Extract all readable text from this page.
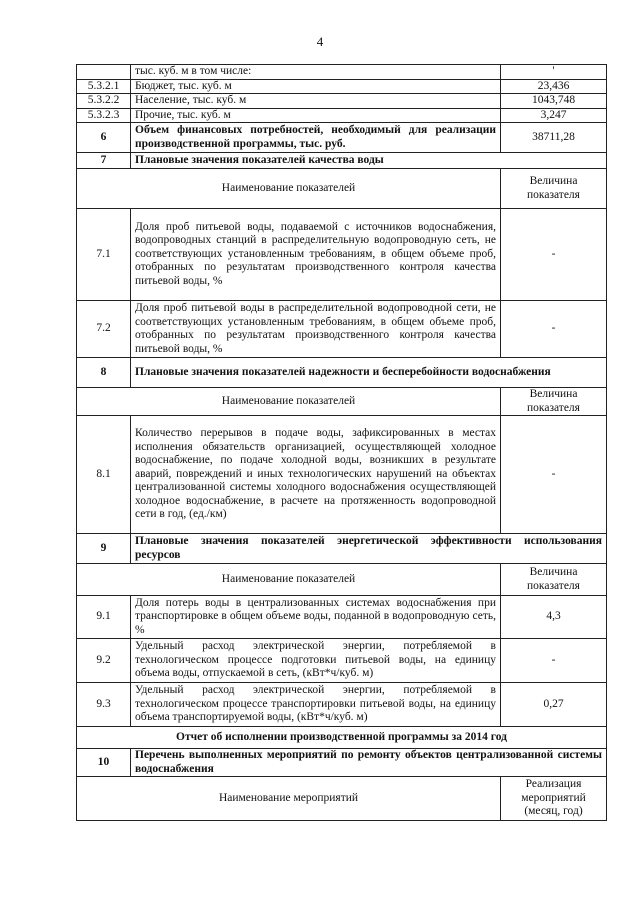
4
	тыс. куб. м в том числе:	'
5.3.2.1	Бюджет, тыс. куб. м	23,436
5.3.2.2	Население, тыс. куб. м	1043,748
5.3.2.3	Прочие, тыс. куб. м	3,247
6	Объем финансовых потребностей, необходимый для реализации производственной программы, тыс. руб.	38711,28
7	Плановые значения показателей качества воды	
Наименование показателей		Величина показателя
7.1	Доля проб питьевой воды, подаваемой с источников водоснабжения, водопроводных станций в распределительную водопроводную сеть, не соответствующих установленным требованиям, в общем объеме проб, отобранных по результатам производственного контроля качества питьевой воды, %	-
7.2	Доля проб питьевой воды в распределительной водопроводной сети, не соответствующих установленным требованиям, в общем объеме проб, отобранных по результатам производственного контроля качества питьевой воды, %	-
8	Плановые значения показателей надежности и бесперебойности водоснабжения	
Наименование показателей		Величина показателя
8.1	Количество перерывов в подаче воды, зафиксированных в местах исполнения обязательств организацией, осуществляющей холодное водоснабжение, по подаче холодной воды, возникших в результате аварий, повреждений и иных технологических нарушений на объектах централизованной системы холодного водоснабжения осуществляющей холодное водоснабжение, в расчете на протяженность водопроводной сети в год, (ед./км)	-
9	Плановые значения показателей энергетической эффективности использования ресурсов	
Наименование показателей		Величина показателя
9.1	Доля потерь воды в централизованных системах водоснабжения при транспортировке в общем объеме воды, поданной в водопроводную сеть, %	4,3
9.2	Удельный расход электрической энергии, потребляемой в технологическом процессе подготовки питьевой воды, на единицу объема воды, отпускаемой в сеть, (кВт*ч/куб. м)	-
9.3	Удельный расход электрической энергии, потребляемой в технологическом процессе транспортировки питьевой воды, на единицу объема транспортируемой воды, (кВт*ч/куб. м)	0,27
Отчет об исполнении производственной программы за 2014 год		
10	Перечень выполненных мероприятий по ремонту объектов централизованной системы водоснабжения	
Наименование мероприятий		Реализация мероприятий (месяц, год)
